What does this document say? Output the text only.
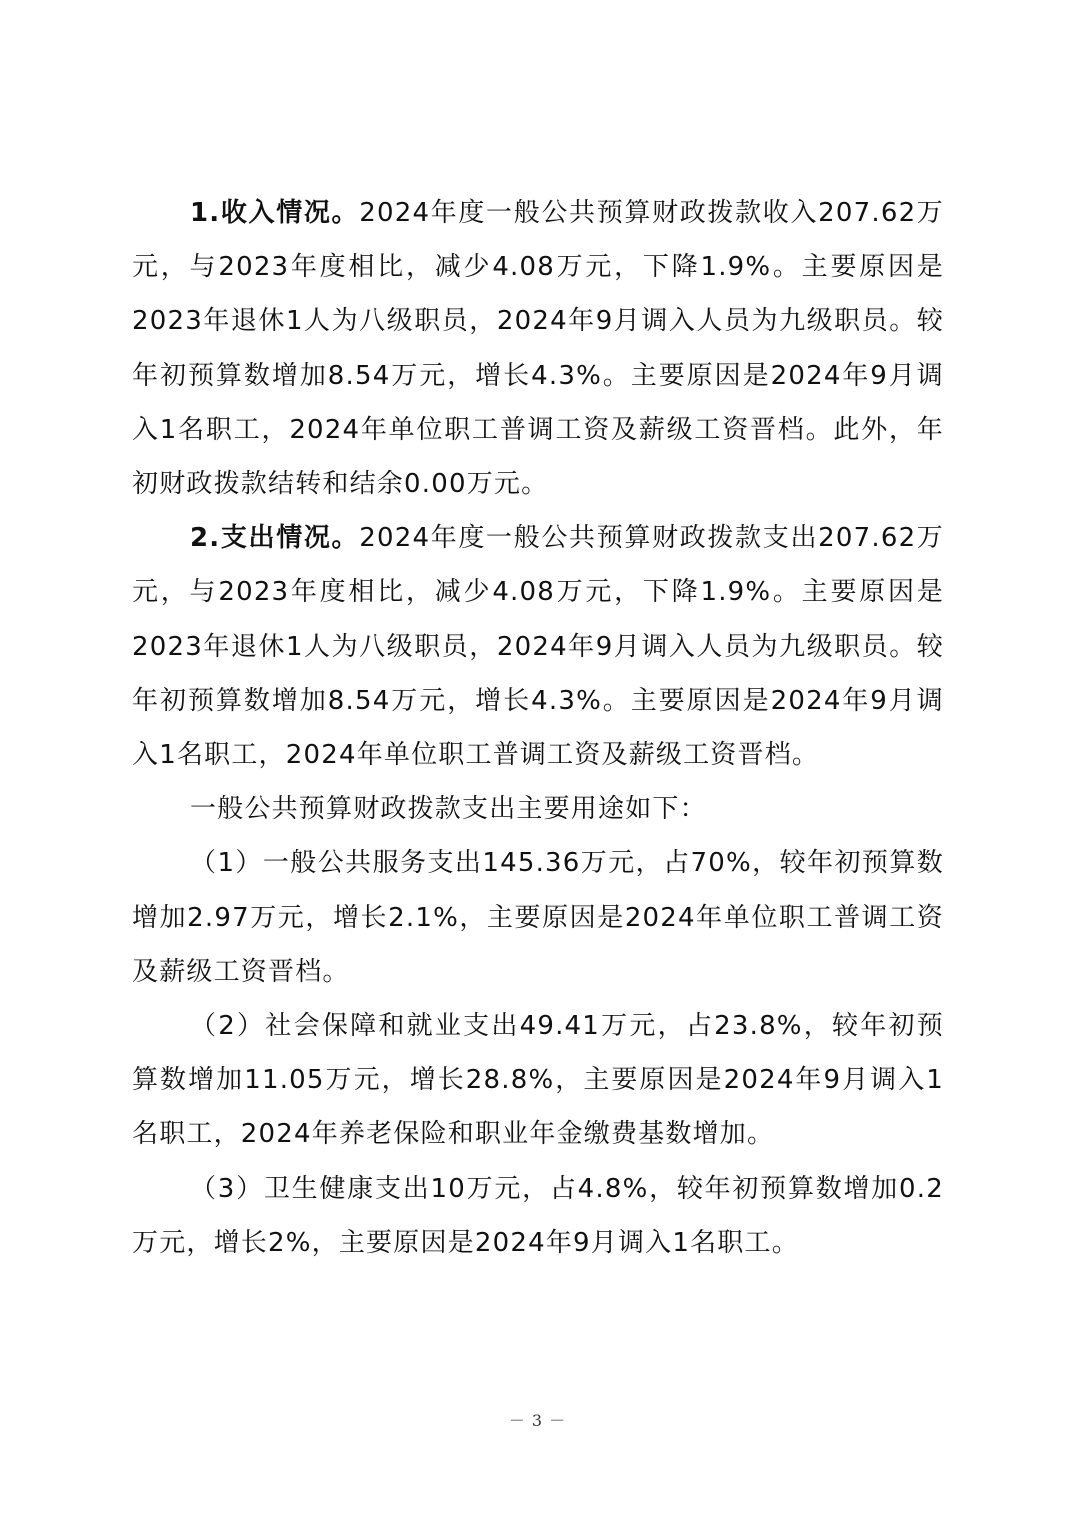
1.收入情况。2024年度一般公共预算财政拨款收入207.62万元，与2023年度相比，减少4.08万元，下降1.9%。主要原因是2023年退休1人为八级职员，2024年9月调入人员为九级职员。较年初预算数增加8.54万元，增长4.3%。主要原因是2024年9月调入1名职工，2024年单位职工普调工资及薪级工资晋档。此外，年初财政拨款结转和结余0.00万元。

2.支出情况。2024年度一般公共预算财政拨款支出207.62万元，与2023年度相比，减少4.08万元，下降1.9%。主要原因是2023年退休1人为八级职员，2024年9月调入人员为九级职员。较年初预算数增加8.54万元，增长4.3%。主要原因是2024年9月调入1名职工，2024年单位职工普调工资及薪级工资晋档。

一般公共预算财政拨款支出主要用途如下：

（1）一般公共服务支出145.36万元，占70%，较年初预算数增加2.97万元，增长2.1%，主要原因是2024年单位职工普调工资及薪级工资晋档。

（2）社会保障和就业支出49.41万元，占23.8%，较年初预算数增加11.05万元，增长28.8%，主要原因是2024年9月调入1名职工，2024年养老保险和职业年金缴费基数增加。

（3）卫生健康支出10万元，占4.8%，较年初预算数增加0.2万元，增长2%，主要原因是2024年9月调入1名职工。

－ 3 －
